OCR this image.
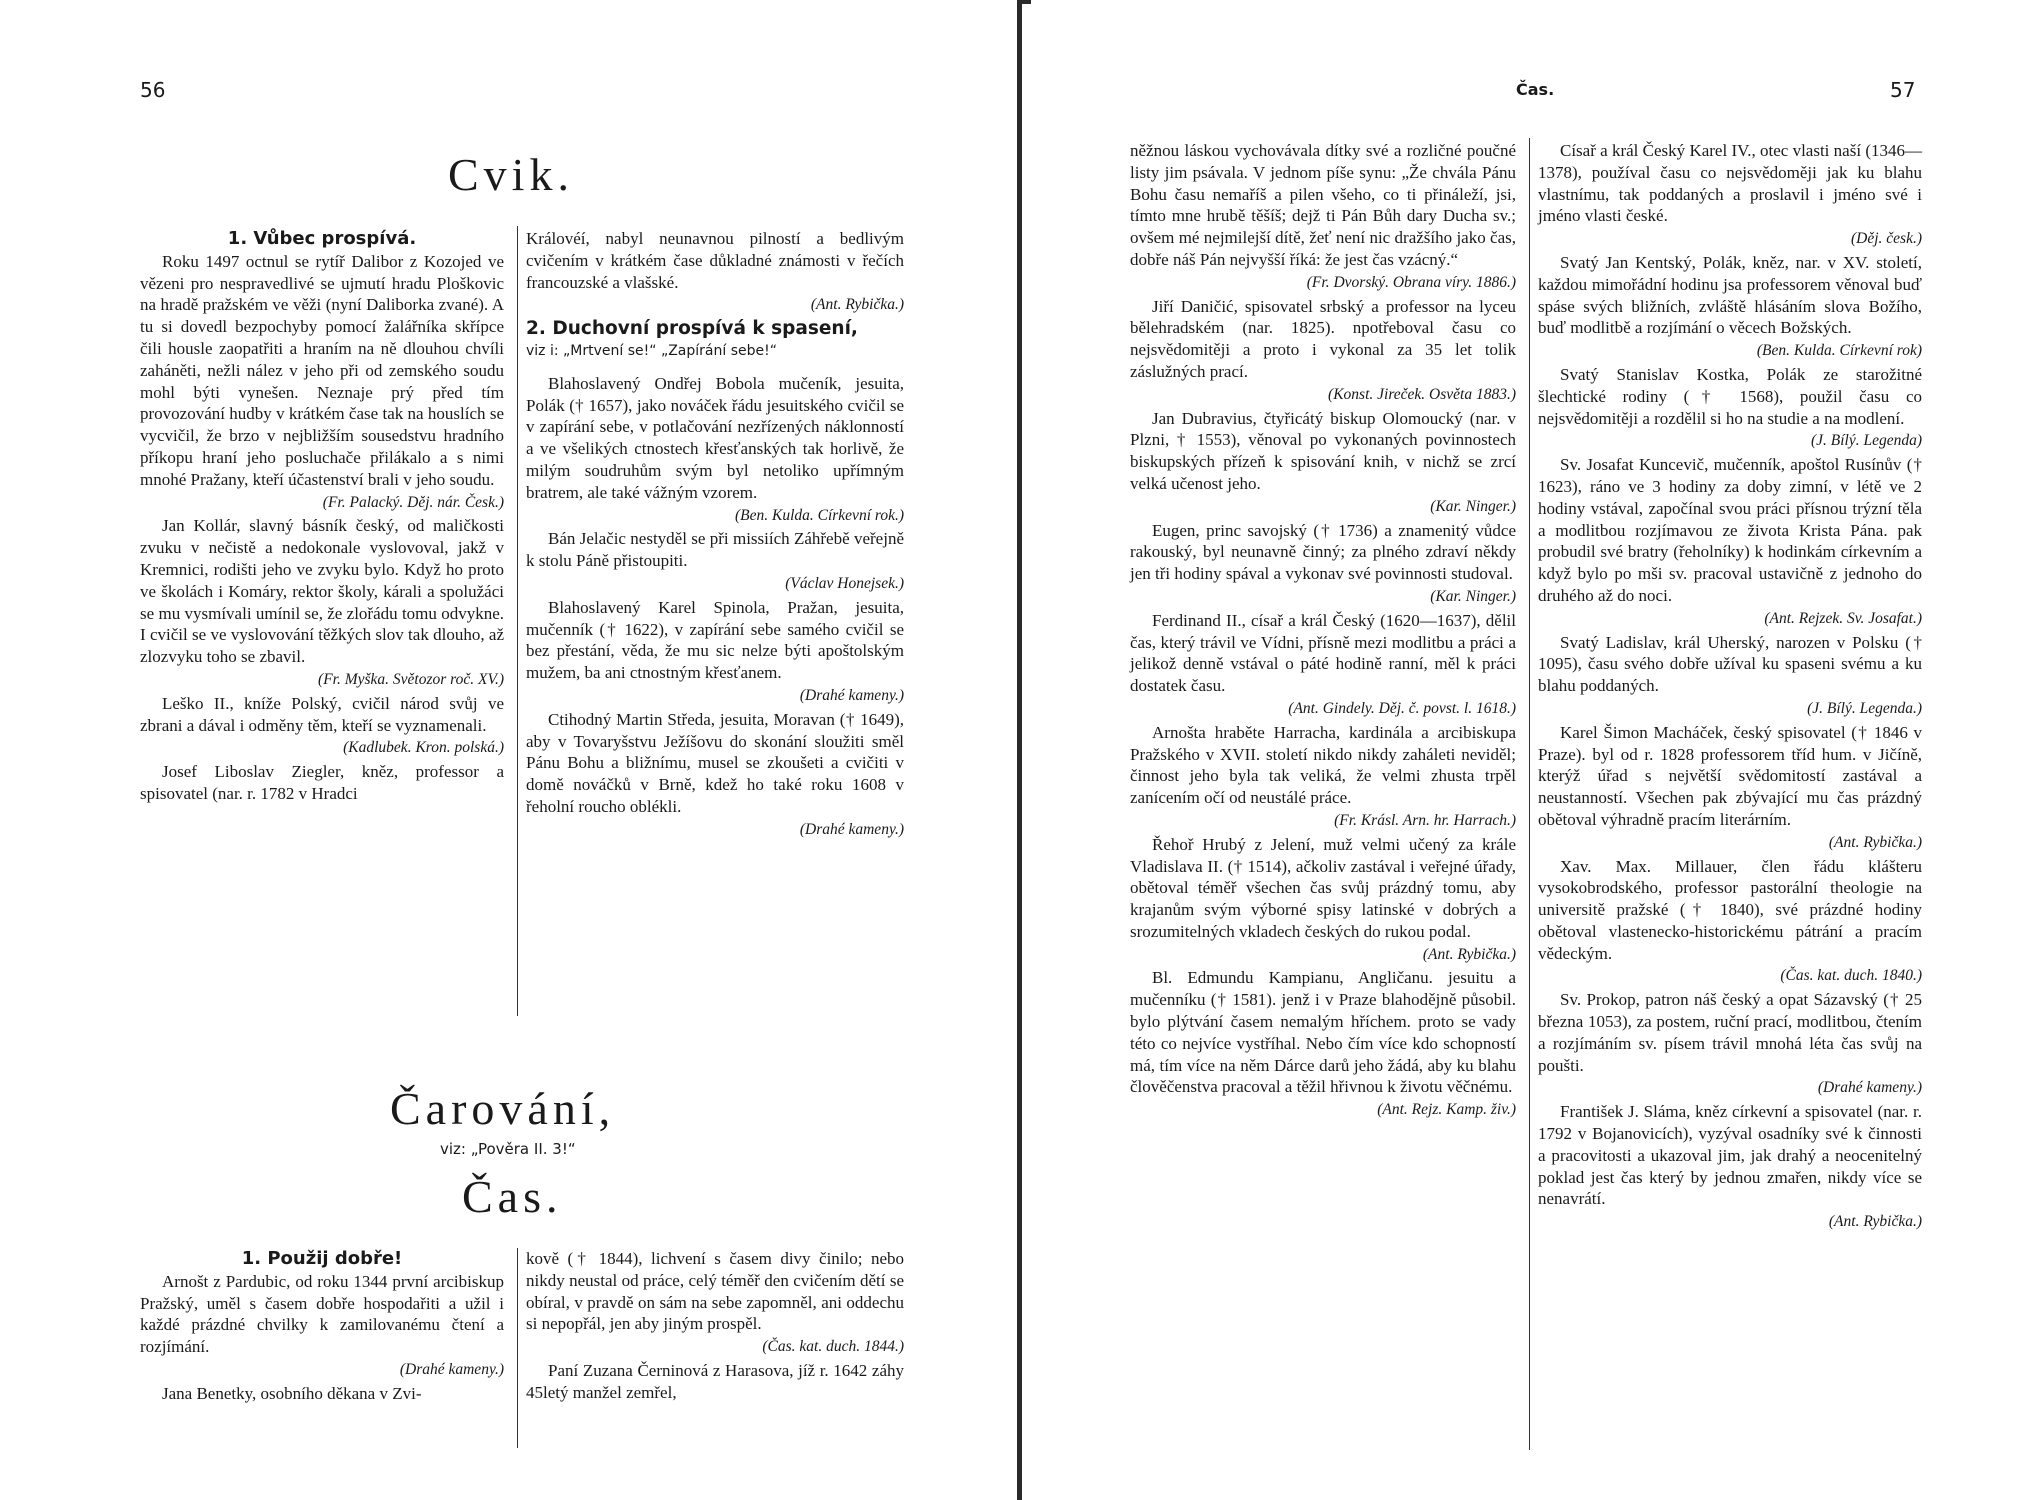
56
Cvik.

1. Vůbec prospívá.

Roku 1497 octnul se rytíř Dalibor z Kozojed ve vězeni pro nespravedlivé se ujmutí hradu Ploškovic na hradě pražském ve věži (nyní Daliborka zvané). A tu si dovedl bezpochyby pomocí žalářníka skřípce čili housle zaopatřiti a hraním na ně dlouhou chvíli zaháněti, nežli nález v jeho při od zemského soudu mohl býti vynešen. Neznaje prý před tím provozování hudby v krátkém čase tak na houslích se vycvičil, že brzo v nejbližším sousedstvu hradního příkopu hraní jeho posluchače přilákalo a s nimi mnohé Pražany, kteří účastenství brali v jeho soudu.

(Fr. Palacký. Děj. nár. Česk.)

Jan Kollár, slavný básník český, od maličkosti zvuku v nečistě a nedokonale vyslovoval, jakž v Kremnici, rodišti jeho ve zvyku bylo. Když ho proto ve školách i Komáry, rektor školy, kárali a spolužáci se mu vysmívali umínil se, že zlořádu tomu odvykne. I cvičil se ve vyslovování těžkých slov tak dlouho, až zlozvyku toho se zbavil.

(Fr. Myška. Světozor roč. XV.)

Leško II., kníže Polský, cvičil národ svůj ve zbrani a dával i odměny těm, kteří se vyznamenali.

(Kadlubek. Kron. polská.)

Josef Liboslav Ziegler, kněz, professor a spisovatel (nar. r. 1782 v Hradci

Královéí, nabyl neunavnou pilností a bedlivým cvičením v krátkém čase důkladné známosti v řečích francouzské a vlašské.

(Ant. Rybička.)

2. Duchovní prospívá k spasení,

viz i: „Mrtvení se!“ „Zapírání sebe!“

Blahoslavený Ondřej Bobola mučeník, jesuita, Polák († 1657), jako nováček řádu jesuitského cvičil se v zapírání sebe, v potlačování nezřízených náklonností a ve všelikých ctnostech křesťanských tak horlivě, že milým soudruhům svým byl netoliko upřímným bratrem, ale také vážným vzorem.

(Ben. Kulda. Církevní rok.)

Bán Jelačic nestyděl se při missiích Záhřebě veřejně k stolu Páně přistoupiti.

(Václav Honejsek.)

Blahoslavený Karel Spinola, Pražan, jesuita, mučenník († 1622), v zapírání sebe samého cvičil se bez přestání, věda, že mu sic nelze býti apoštolským mužem, ba ani ctnostným křesťanem.

(Drahé kameny.)

Ctihodný Martin Středa, jesuita, Moravan († 1649), aby v Tovaryšstvu Ježíšovu do skonání sloužiti směl Pánu Bohu a bližnímu, musel se zkoušeti a cvičiti v domě nováčků v Brně, kdež ho také roku 1608 v řeholní roucho oblékli.

(Drahé kameny.)

Čarování,
viz: „Pověra II. 3!“
Čas.

1. Použij dobře!

Arnošt z Pardubic, od roku 1344 první arcibiskup Pražský, uměl s časem dobře hospodařiti a užil i každé prázdné chvilky k zamilovanému čtení a rozjímání.

(Drahé kameny.)

Jana Benetky, osobního děkana v Zvi-

kově († 1844), lichvení s časem divy činilo; nebo nikdy neustal od práce, celý téměř den cvičením dětí se obíral, v pravdě on sám na sebe zapomněl, ani oddechu si nepopřál, jen aby jiným prospěl.

(Čas. kat. duch. 1844.)

Paní Zuzana Černinová z Harasova, jíž r. 1642 záhy 45letý manžel zemřel,

Čas.	57

něžnou láskou vychovávala dítky své a rozličné poučné listy jim psávala. V jednom píše synu: „Že chvála Pánu Bohu času nemaříš a pilen všeho, co ti přináleží, jsi, tímto mne hrubě těšíš; dejž ti Pán Bůh dary Ducha sv.; ovšem mé nejmilejší dítě, žeť není nic dražšího jako čas, dobře náš Pán nejvyšší říká: že jest čas vzácný.“

(Fr. Dvorský. Obrana víry. 1886.)

Jiří Daničić, spisovatel srbský a professor na lyceu bělehradském (nar. 1825). npotřeboval času co nejsvědomitěji a proto i vykonal za 35 let tolik záslužných prací.

(Konst. Jireček. Osvěta 1883.)

Jan Dubravius, čtyřicátý biskup Olomoucký (nar. v Plzni, † 1553), věnoval po vykonaných povinnostech biskupských přízeň k spisování knih, v nichž se zrcí velká učenost jeho.

(Kar. Ninger.)

Eugen, princ savojský († 1736) a znamenitý vůdce rakouský, byl neunavně činný; za plného zdraví někdy jen tři hodiny spával a vykonav své povinnosti studoval.

(Kar. Ninger.)

Ferdinand II., císař a král Český (1620—1637), dělil čas, který trávil ve Vídni, přísně mezi modlitbu a práci a jelikož denně vstával o páté hodině ranní, měl k práci dostatek času.

(Ant. Gindely. Děj. č. povst. l. 1618.)

Arnošta hraběte Harracha, kardinála a arcibiskupa Pražského v XVII. století nikdo nikdy zaháleti neviděl; činnost jeho byla tak veliká, že velmi zhusta trpěl zanícením očí od neustálé práce.

(Fr. Krásl. Arn. hr. Harrach.)

Řehoř Hrubý z Jelení, muž velmi učený za krále Vladislava II. († 1514), ačkoliv zastával i veřejné úřady, obětoval téměř všechen čas svůj prázdný tomu, aby krajanům svým výborné spisy latinské v dobrých a srozumitelných vkladech českých do rukou podal.

(Ant. Rybička.)

Bl. Edmundu Kampianu, Angličanu. jesuitu a mučenníku († 1581). jenž i v Praze blahodějně působil. bylo plýtvání časem nemalým hříchem. proto se vady této co nejvíce vystříhal. Nebo čím více kdo schopností má, tím více na něm Dárce darů jeho žádá, aby ku blahu člověčenstva pracoval a těžil hřivnou k životu věčnému.

(Ant. Rejz. Kamp. živ.)

Císař a král Český Karel IV., otec vlasti naší (1346—1378), používal času co nejsvědoměji jak ku blahu vlastnímu, tak poddaných a proslavil i jméno své i jméno vlasti české.

(Děj. česk.)

Svatý Jan Kentský, Polák, kněz, nar. v XV. století, každou mimořádní hodinu jsa professorem věnoval buď spáse svých bližních, zvláště hlásáním slova Božího, buď modlitbě a rozjímání o věcech Božských.

(Ben. Kulda. Církevní rok)

Svatý Stanislav Kostka, Polák ze starožitné šlechtické rodiny († 1568), použil času co nejsvědomitěji a rozdělil si ho na studie a na modlení.

(J. Bílý. Legenda)

Sv. Josafat Kuncevič, mučenník, apoštol Rusínův († 1623), ráno ve 3 hodiny za doby zimní, v létě ve 2 hodiny vstával, započínal svou práci přísnou trýzní těla a modlitbou rozjímavou ze života Krista Pána. pak probudil své bratry (řeholníky) k hodinkám církevním a když bylo po mši sv. pracoval ustavičně z jednoho do druhého až do noci.

(Ant. Rejzek. Sv. Josafat.)

Svatý Ladislav, král Uherský, narozen v Polsku († 1095), času svého dobře užíval ku spaseni svému a ku blahu poddaných.

(J. Bílý. Legenda.)

Karel Šimon Macháček, český spisovatel († 1846 v Praze). byl od r. 1828 professorem tříd hum. v Jičíně, kterýž úřad s největší svědomitostí zastával a neustanností. Všechen pak zbývající mu čas prázdný obětoval výhradně pracím literárním.

(Ant. Rybička.)

Xav. Max. Millauer, člen řádu klášteru vysokobrodského, professor pastorální theologie na universitě pražské († 1840), své prázdné hodiny obětoval vlastenecko-historickému pátrání a pracím vědeckým.

(Čas. kat. duch. 1840.)

Sv. Prokop, patron náš český a opat Sázavský († 25 března 1053), za postem, ruční prací, modlitbou, čtením a rozjímáním sv. písem trávil mnohá léta čas svůj na poušti.

(Drahé kameny.)

František J. Sláma, kněz církevní a spisovatel (nar. r. 1792 v Bojanovicích), vyzýval osadníky své k činnosti a pracovitosti a ukazoval jim, jak drahý a neocenitelný poklad jest čas který by jednou zmařen, nikdy více se nenavrátí.

(Ant. Rybička.)
